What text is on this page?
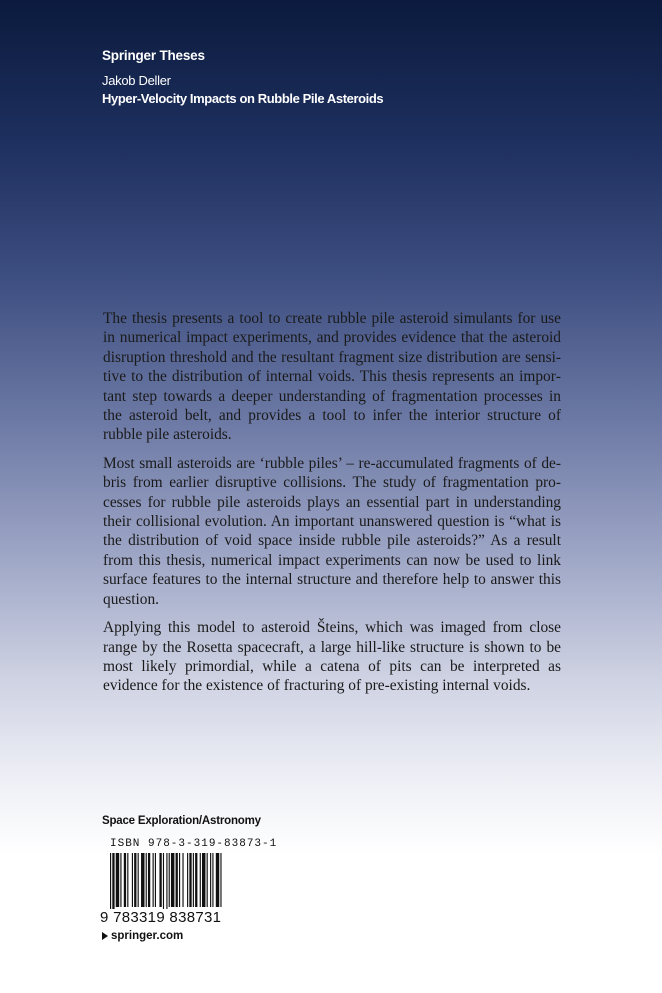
Springer Theses
Jakob Deller
Hyper-Velocity Impacts on Rubble Pile Asteroids

The thesis presents a tool to create rubble pile asteroid simulants for use in numerical impact experiments, and provides evidence that the asteroid disruption threshold and the resultant fragment size distribution are sensitive to the distribution of internal voids. This thesis represents an important step towards a deeper understanding of fragmentation processes in the asteroid belt, and provides a tool to infer the interior structure of rubble pile asteroids.

Most small asteroids are ‘rubble piles’ – re-accumulated fragments of debris from earlier disruptive collisions. The study of fragmentation processes for rubble pile asteroids plays an essential part in understanding their collisional evolution. An important unanswered question is “what is the distribution of void space inside rubble pile asteroids?” As a result from this thesis, numerical impact experiments can now be used to link surface features to the internal structure and therefore help to answer this question.

Applying this model to asteroid Šteins, which was imaged from close range by the Rosetta spacecraft, a large hill-like structure is shown to be most likely primordial, while a catena of pits can be interpreted as evidence for the existence of fracturing of pre-existing internal voids.

Space Exploration/Astronomy
ISBN 978-3-319-83873-1
9 783319 838731
springer.com
